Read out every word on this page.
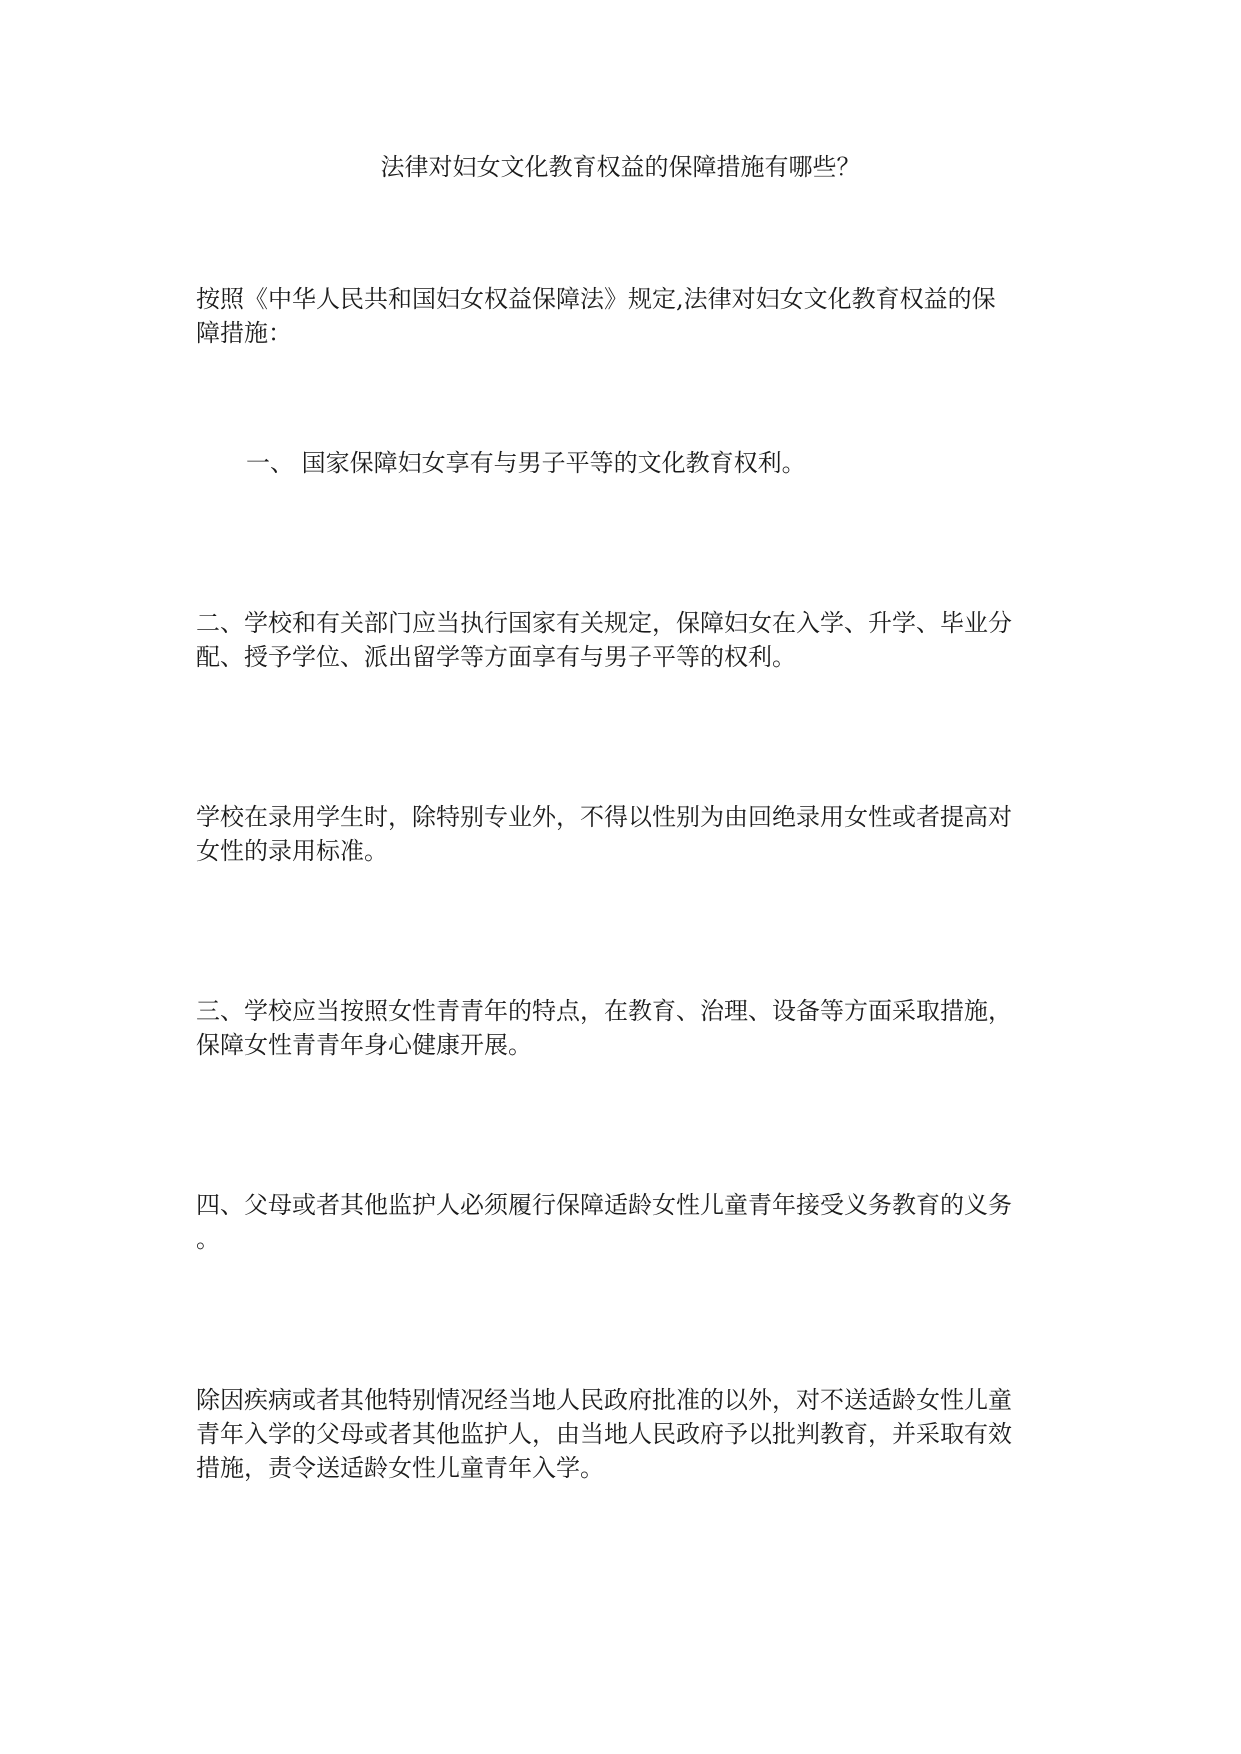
法律对妇女文化教育权益的保障措施有哪些？

按照《中华人民共和国妇女权益保障法》规定,法律对妇女文化教育权益的保
障措施：

一、 国家保障妇女享有与男子平等的文化教育权利。

二、学校和有关部门应当执行国家有关规定，保障妇女在入学、升学、毕业分
配、授予学位、派出留学等方面享有与男子平等的权利。

学校在录用学生时，除特别专业外，不得以性别为由回绝录用女性或者提高对
女性的录用标准。

三、学校应当按照女性青青年的特点，在教育、治理、设备等方面采取措施，
保障女性青青年身心健康开展。

四、父母或者其他监护人必须履行保障适龄女性儿童青年接受义务教育的义务
。

除因疾病或者其他特别情况经当地人民政府批准的以外，对不送适龄女性儿童
青年入学的父母或者其他监护人，由当地人民政府予以批判教育，并采取有效
措施，责令送适龄女性儿童青年入学。
